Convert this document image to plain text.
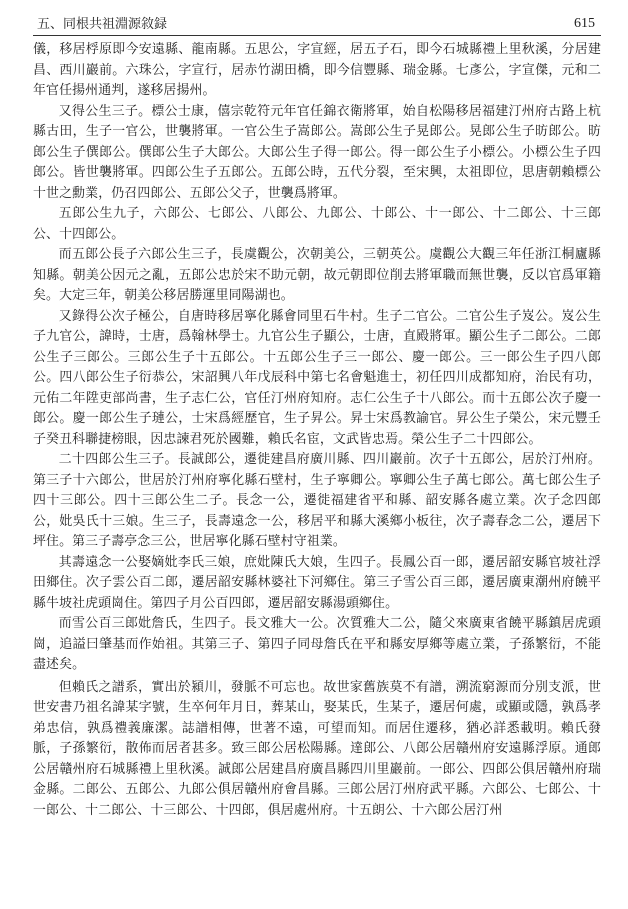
五、同根共祖淵源敘録	615

儀，移居桴原即今安遠縣、龍南縣。五思公，字宣經，居五子石，即今石城縣禮上里秋溪，分居建昌、西川巖前。六珠公，字宣行，居赤竹湖田橋，即今信豐縣、瑞金縣。七彥公，字宣傑，元和二年官任揚州通判，遂移居揚州。

又得公生三子。標公士康，僖宗乾符元年官任錦衣衛將軍，始自松陽移居福建汀州府古路上杭縣古田，生子一官公，世襲將軍。一官公生子嵩郎公。嵩郎公生子晃郎公。晃郎公生子昉郎公。昉郎公生子僎郎公。僎郎公生子大郎公。大郎公生子得一郎公。得一郎公生子小標公。小標公生子四郎公。皆世襲將軍。四郎公生子五郎公。五郎公時，五代分裂，至宋興，太祖即位，思唐朝賴標公十世之勳業，仍召四郎公、五郎公父子，世襲爲將軍。

五郎公生九子，六郎公、七郎公、八郎公、九郎公、十郎公、十一郎公、十二郎公、十三郎公、十四郎公。

而五郎公長子六郎公生三子，長虞觀公，次朝美公，三朝英公。虞觀公大觀三年任浙江桐廬縣知縣。朝美公因元之亂，五郎公忠於宋不助元朝，故元朝即位削去將軍職而無世襲，反以官爲軍籍矣。大定三年，朝美公移居勝運里同陽湖也。

又錄得公次子極公，自唐時移居寧化縣會同里石牛村。生子二官公。二官公生子岌公。岌公生子九官公，諱時，士唐，爲翰林學士。九官公生子顯公，士唐，直殿將軍。顯公生子二郎公。二郎公生子三郎公。三郎公生子十五郎公。十五郎公生子三一郎公、慶一郎公。三一郎公生子四八郎公。四八郎公生子衍恭公，宋詔興八年戊辰科中第七名會魁進士，初任四川成都知府，治民有功，元佑二年陞吏部尚書，生子志仁公，官任汀州府知府。志仁公生子十八郎公。而十五郎公次子慶一郎公。慶一郎公生子璉公，士宋爲經歷官，生子昇公。昇士宋爲教諭官。昇公生子榮公，宋元豐壬子癸丑科聯捷榜眼，因忠諫君死於國難，賴氏名宦，文武皆忠焉。榮公生子二十四郎公。

二十四郎公生三子。長誠郎公，遷徙建昌府廣川縣、四川巖前。次子十五郎公，居於汀州府。第三子十六郎公，世居於汀州府寧化縣石壁村，生子寧卿公。寧卿公生子萬七郎公。萬七郎公生子四十三郎公。四十三郎公生二子。長念一公，遷徙福建省平和縣、韶安縣各處立業。次子念四郎公，妣吳氏十三娘。生三子，長壽遠念一公，移居平和縣大溪鄉小板往，次子壽春念二公，遷居下坪住。第三子壽亭念三公，世居寧化縣石壁村守祖業。

其壽遠念一公娶嫡妣李氏三娘，庶妣陳氏大娘，生四子。長鳳公百一郎，遷居韶安縣官坡社浮田鄉住。次子雲公百二郎，遷居韶安縣林婆社下河鄉住。第三子雪公百三郎，遷居廣東潮州府饒平縣牛坡社虎頭崗住。第四子月公百四郎，遷居韶安縣湯頭鄉住。

而雪公百三郎妣詹氏，生四子。長文雅大一公。次質雅大二公，隨父來廣東省饒平縣鎮居虎頭崗，追謚曰肇基而作始祖。其第三子、第四子同母詹氏在平和縣安厚鄉等處立業，子孫繁衍，不能盡述矣。

但賴氏之譜系，實出於潁川，發脈不可忘也。故世家舊族莫不有譜，溯流窮源而分別支派，世世安書乃祖名諱某字號，生卒何年月日，葬某山，娶某氏，生某子，遷居何處，或顯或隱，孰爲孝弟忠信，孰爲禮義廉潔。誌譜相傳，世著不遠，可望而知。而居住遷移，猶必詳悉載明。賴氏發脈，子孫繁衍，散佈而居者甚多。致三郎公居松陽縣。達郎公、八郎公居贛州府安遠縣浮原。通郎公居贛州府石城縣禮上里秋溪。誠郎公居建昌府廣昌縣四川里巖前。一郎公、四郎公俱居贛州府瑞金縣。二郎公、五郎公、九郎公俱居贛州府會昌縣。三郎公居汀州府武平縣。六郎公、七郎公、十一郎公、十二郎公、十三郎公、十四郎，俱居處州府。十五朗公、十六郎公居汀州
